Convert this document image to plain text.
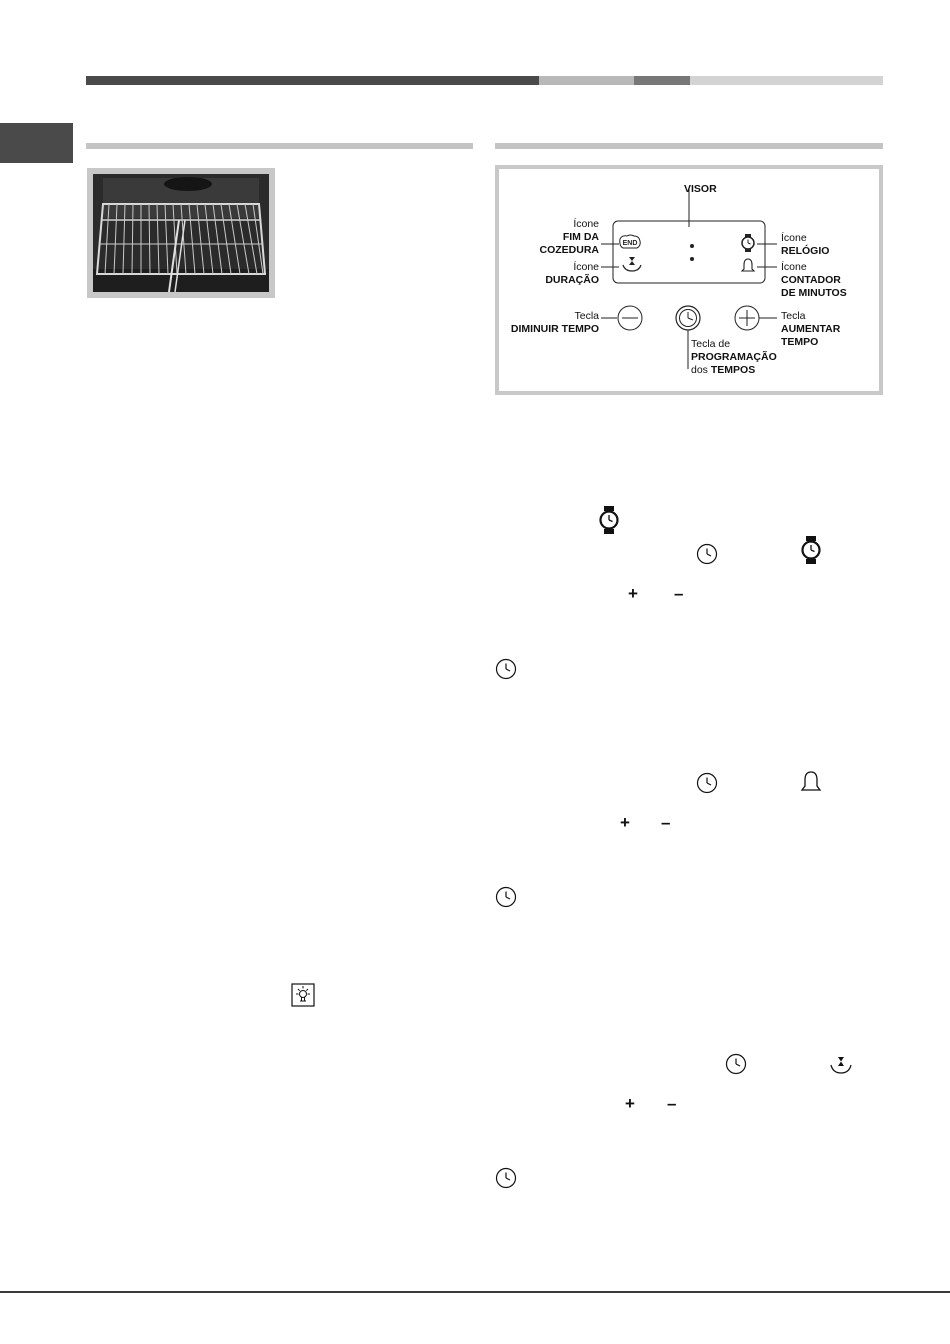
END
VISOR
Ícone
FIM DA
COZEDURA
Ícone
DURAÇÃO
Ícone
RELÓGIO
Ícone
CONTADOR
DE MINUTOS
Tecla
DIMINUIR TEMPO
Tecla
AUMENTAR
TEMPO
Tecla de
PROGRAMAÇÃO
dos TEMPOS
+ –
+ –
+ –
